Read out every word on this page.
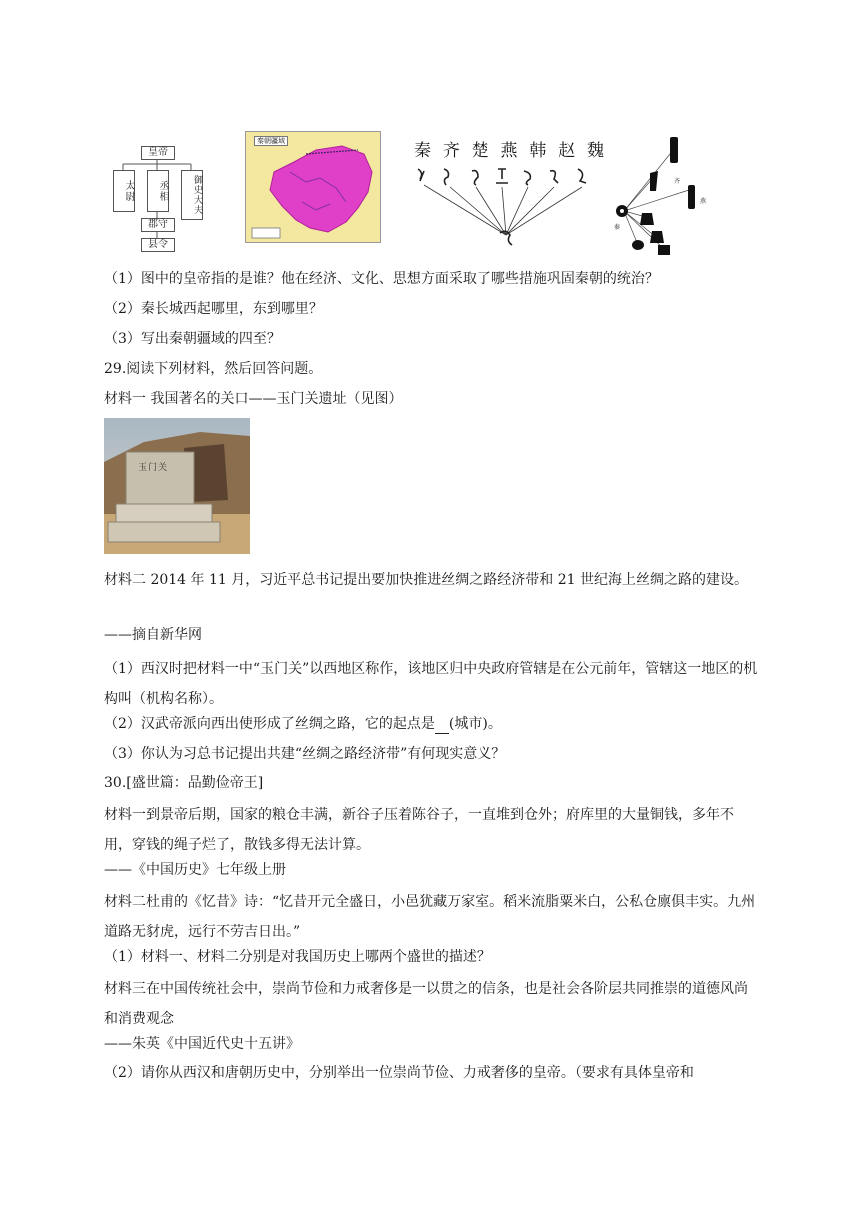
皇帝
太尉	丞相	御史大夫
郡守
县令
秦朝疆域	秦 齐 楚 燕 韩 赵 魏
齐
燕
秦
（1）图中的皇帝指的是谁？他在经济、文化、思想方面采取了哪些措施巩固秦朝的统治？
（2）秦长城西起哪里，东到哪里？
（3）写出秦朝疆域的四至？
29.阅读下列材料，然后回答问题。
材料一 我国著名的关口——玉门关遗址（见图）
玉门关
材料二 2014 年 11 月，习近平总书记提出要加快推进丝绸之路经济带和 21 世纪海上丝绸之路的建设。
——摘自新华网
（1）西汉时把材料一中“玉门关”以西地区称作，该地区归中央政府管辖是在公元前年，管辖这一地区的机构叫（机构名称）。
（2）汉武帝派向西出使形成了丝绸之路，它的起点是 (城市)。
（3）你认为习总书记提出共建“丝绸之路经济带”有何现实意义？
30.[盛世篇：品勤俭帝王]
材料一到景帝后期，国家的粮仓丰满，新谷子压着陈谷子，一直堆到仓外；府库里的大量铜钱，多年不用，穿钱的绳子烂了，散钱多得无法计算。
——《中国历史》七年级上册
材料二杜甫的《忆昔》诗：“忆昔开元全盛日，小邑犹藏万家室。稻米流脂粟米白，公私仓廪俱丰实。九州道路无豺虎，远行不劳吉日出。”
（1）材料一、材料二分别是对我国历史上哪两个盛世的描述？
材料三在中国传统社会中，崇尚节俭和力戒奢侈是一以贯之的信条，也是社会各阶层共同推崇的道德风尚和消费观念
——朱英《中国近代史十五讲》
（2）请你从西汉和唐朝历史中，分别举出一位崇尚节俭、力戒奢侈的皇帝。（要求有具体皇帝和
